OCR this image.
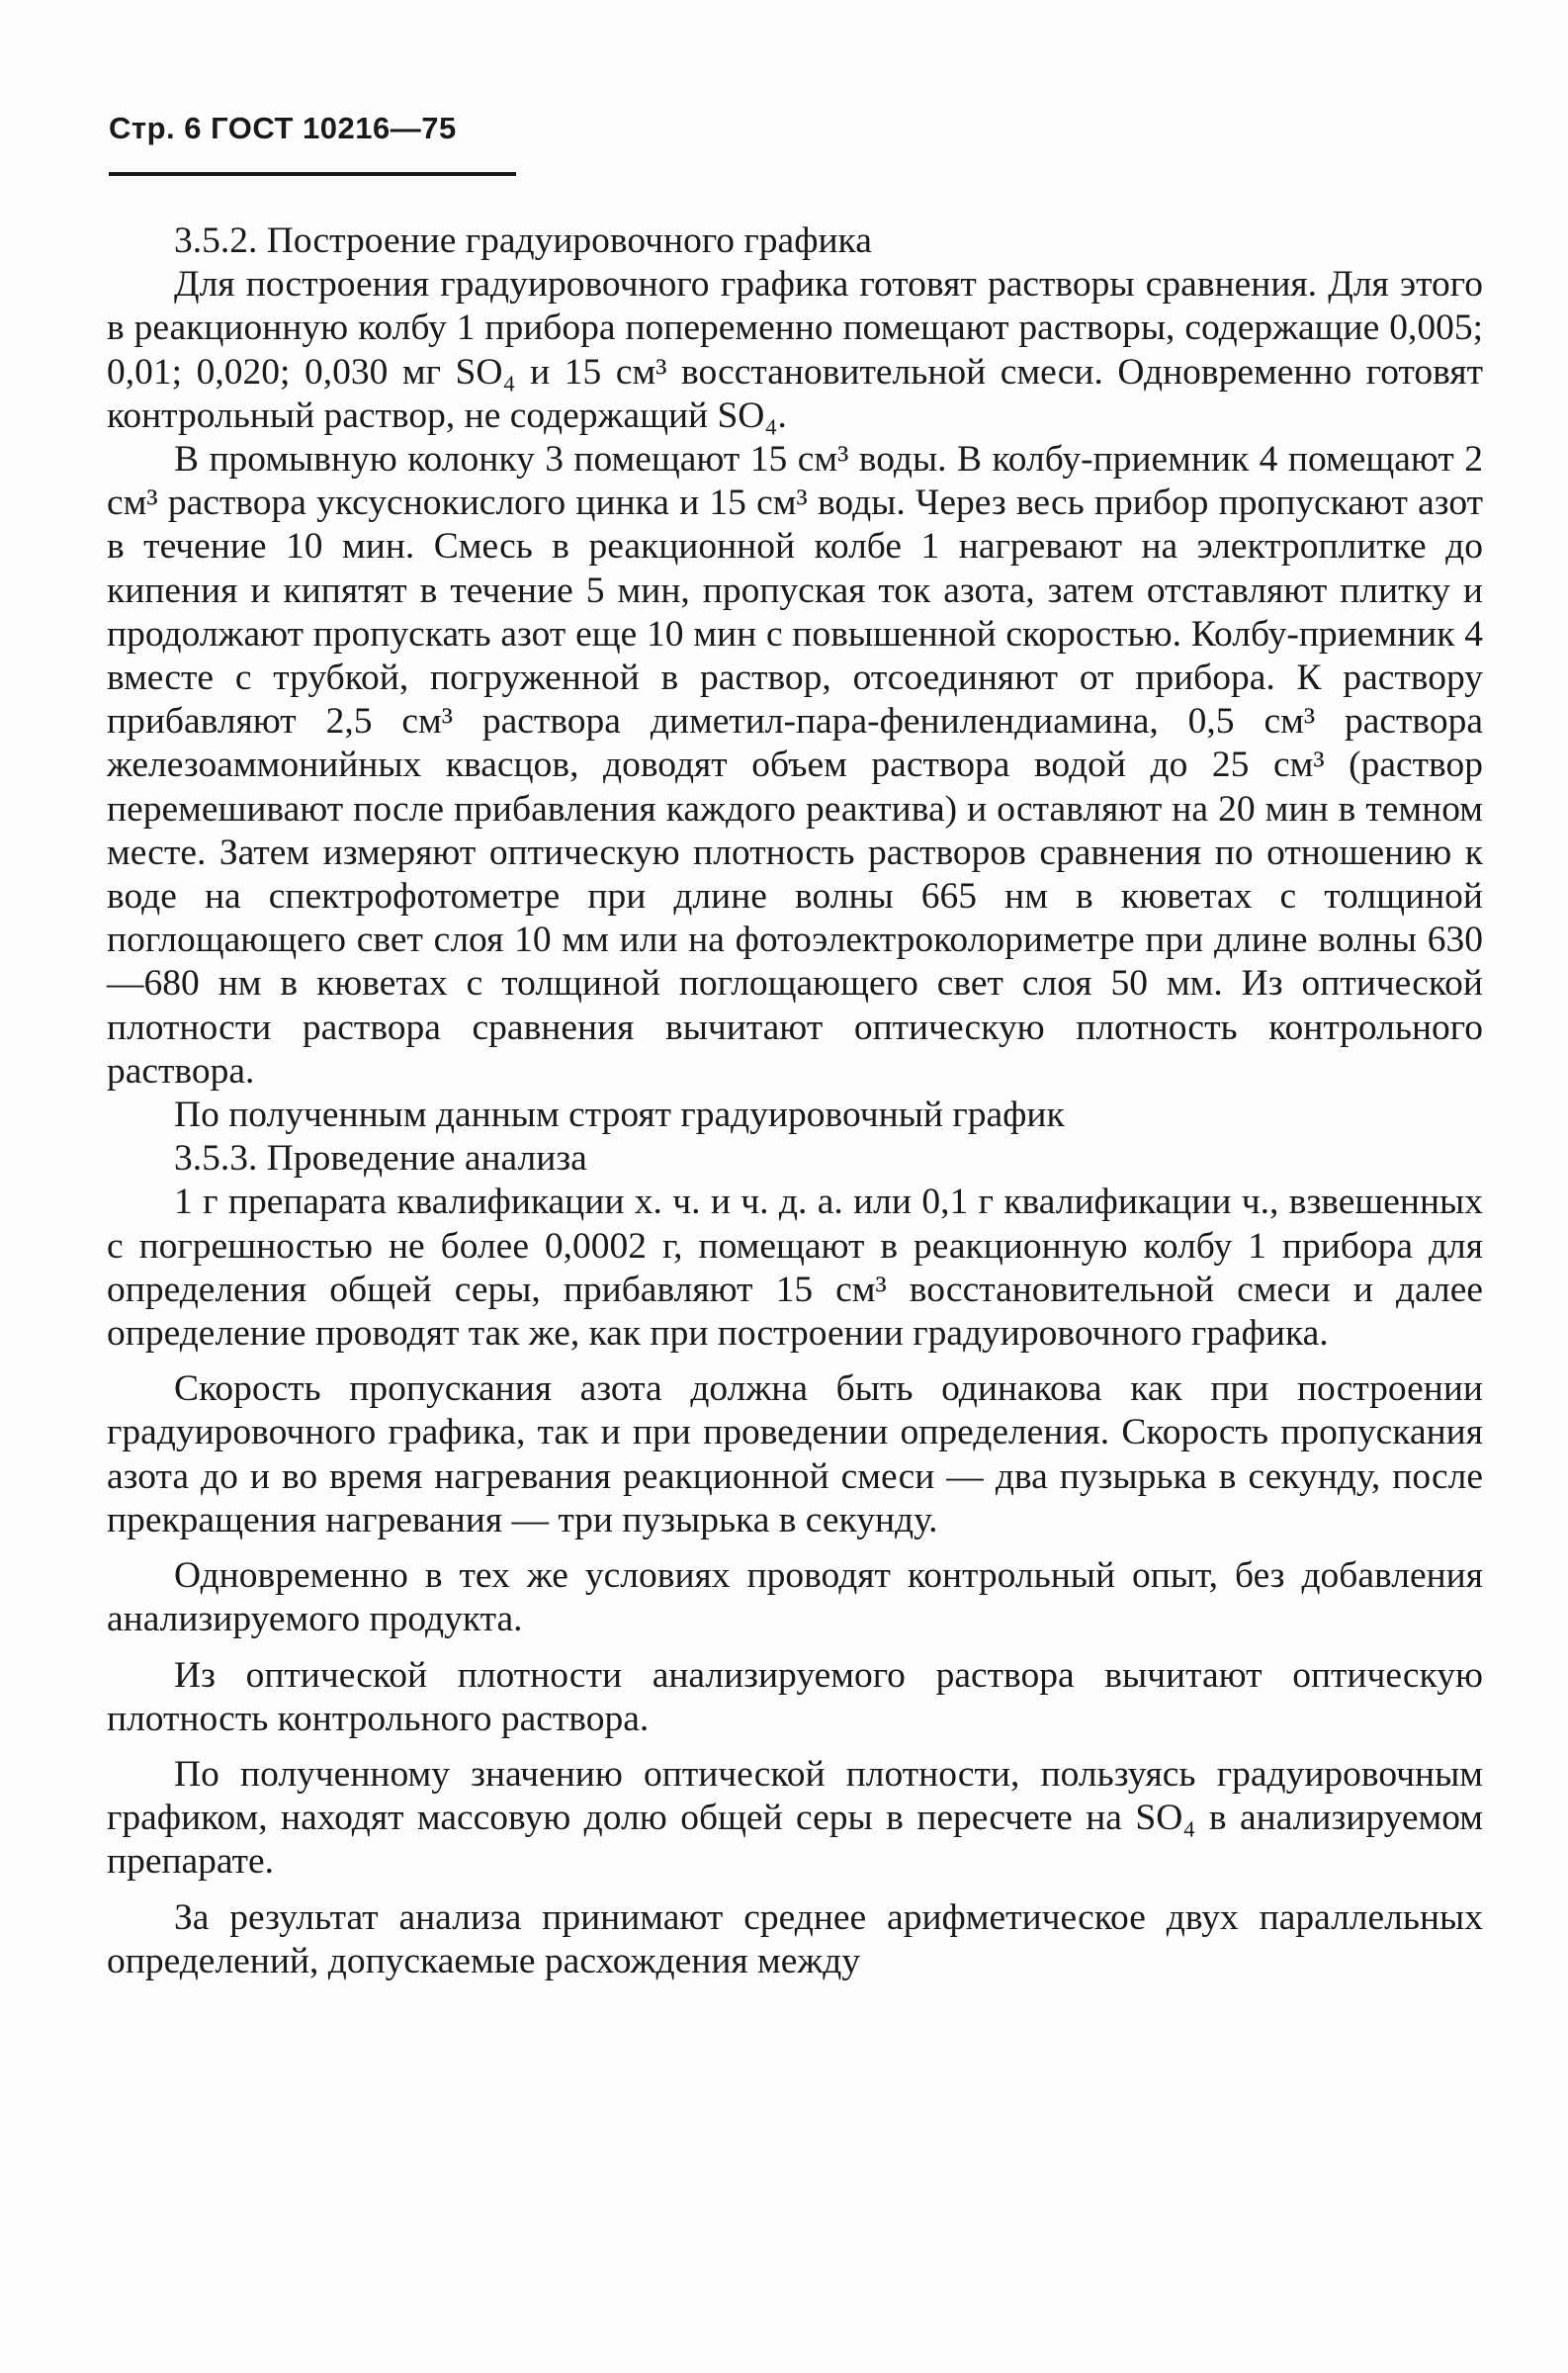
Стр. 6 ГОСТ 10216—75

3.5.2. Построение градуировочного графика

Для построения градуировочного графика готовят растворы сравнения. Для этого в реакционную колбу 1 прибора попеременно помещают растворы, содержащие 0,005; 0,01; 0,020; 0,030 мг SO₄ и 15 см³ восстановительной смеси. Одновременно готовят контрольный раствор, не содержащий SO₄.

В промывную колонку 3 помещают 15 см³ воды. В колбу-приемник 4 помещают 2 см³ раствора уксуснокислого цинка и 15 см³ воды. Через весь прибор пропускают азот в течение 10 мин. Смесь в реакционной колбе 1 нагревают на электроплитке до кипения и кипятят в течение 5 мин, пропуская ток азота, затем отставляют плитку и продолжают пропускать азот еще 10 мин с повышенной скоростью. Колбу-приемник 4 вместе с трубкой, погруженной в раствор, отсоединяют от прибора. К раствору прибавляют 2,5 см³ раствора диметил-пара-фенилендиамина, 0,5 см³ раствора железоаммонийных квасцов, доводят объем раствора водой до 25 см³ (раствор перемешивают после прибавления каждого реактива) и оставляют на 20 мин в темном месте. Затем измеряют оптическую плотность растворов сравнения по отношению к воде на спектрофотометре при длине волны 665 нм в кюветах с толщиной поглощающего свет слоя 10 мм или на фотоэлектроколориметре при длине волны 630—680 нм в кюветах с толщиной поглощающего свет слоя 50 мм. Из оптической плотности раствора сравнения вычитают оптическую плотность контрольного раствора.

По полученным данным строят градуировочный график

3.5.3. Проведение анализа

1 г препарата квалификации х. ч. и ч. д. а. или 0,1 г квалификации ч., взвешенных с погрешностью не более 0,0002 г, помещают в реакционную колбу 1 прибора для определения общей серы, прибавляют 15 см³ восстановительной смеси и далее определение проводят так же, как при построении градуировочного графика.

Скорость пропускания азота должна быть одинакова как при построении градуировочного графика, так и при проведении определения. Скорость пропускания азота до и во время нагревания реакционной смеси — два пузырька в секунду, после прекращения нагревания — три пузырька в секунду.

Одновременно в тех же условиях проводят контрольный опыт, без добавления анализируемого продукта.

Из оптической плотности анализируемого раствора вычитают оптическую плотность контрольного раствора.

По полученному значению оптической плотности, пользуясь градуировочным графиком, находят массовую долю общей серы в пересчете на SO₄ в анализируемом препарате.

За результат анализа принимают среднее арифметическое двух параллельных определений, допускаемые расхождения между
